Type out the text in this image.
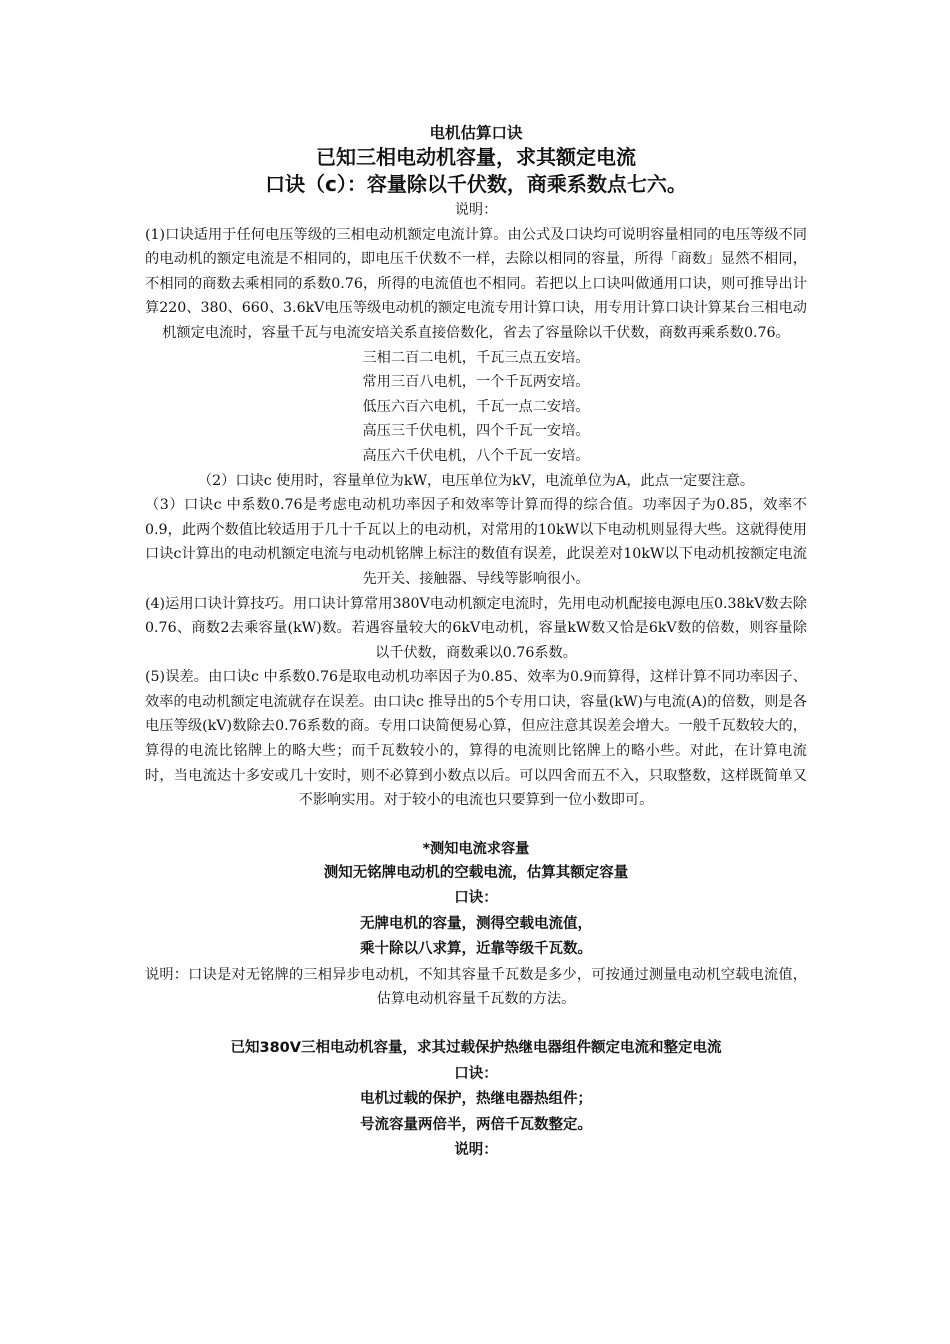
电机估算口诀
已知三相电动机容量，求其额定电流
口诀（c）：容量除以千伏数，商乘系数点七六。
说明：

(1)口诀适用于任何电压等级的三相电动机额定电流计算。由公式及口诀均可说明容量相同的电压等级不同的电动机的额定电流是不相同的，即电压千伏数不一样，去除以相同的容量，所得「商数」显然不相同，不相同的商数去乘相同的系数0.76，所得的电流值也不相同。若把以上口诀叫做通用口诀，则可推导出计算220、380、660、3.6kV电压等级电动机的额定电流专用计算口诀，用专用计算口诀计算某台三相电动机额定电流时，容量千瓦与电流安培关系直接倍数化，省去了容量除以千伏数，商数再乘系数0.76。

三相二百二电机，千瓦三点五安培。

常用三百八电机，一个千瓦两安培。

低压六百六电机，千瓦一点二安培。

高压三千伏电机，四个千瓦一安培。

高压六千伏电机，八个千瓦一安培。

（2）口诀c 使用时，容量单位为kW，电压单位为kV，电流单位为A，此点一定要注意。

（3）口诀c 中系数0.76是考虑电动机功率因子和效率等计算而得的综合值。功率因子为0.85，效率不0.9，此两个数值比较适用于几十千瓦以上的电动机，对常用的10kW以下电动机则显得大些。这就得使用口诀c计算出的电动机额定电流与电动机铭牌上标注的数值有误差，此误差对10kW以下电动机按额定电流先开关、接触器、导线等影响很小。

(4)运用口诀计算技巧。用口诀计算常用380V电动机额定电流时，先用电动机配接电源电压0.38kV数去除0.76、商数2去乘容量(kW)数。若遇容量较大的6kV电动机，容量kW数又恰是6kV数的倍数，则容量除以千伏数，商数乘以0.76系数。

(5)误差。由口诀c 中系数0.76是取电动机功率因子为0.85、效率为0.9而算得，这样计算不同功率因子、效率的电动机额定电流就存在误差。由口诀c 推导出的5个专用口诀，容量(kW)与电流(A)的倍数，则是各电压等级(kV)数除去0.76系数的商。专用口诀简便易心算，但应注意其误差会增大。一般千瓦数较大的，算得的电流比铭牌上的略大些；而千瓦数较小的，算得的电流则比铭牌上的略小些。对此，在计算电流时，当电流达十多安或几十安时，则不必算到小数点以后。可以四舍而五不入，只取整数，这样既简单又不影响实用。对于较小的电流也只要算到一位小数即可。

*测知电流求容量
测知无铭牌电动机的空载电流，估算其额定容量
口诀：
无牌电机的容量，测得空载电流值，
乘十除以八求算，近靠等级千瓦数。

说明：口诀是对无铭牌的三相异步电动机，不知其容量千瓦数是多少，可按通过测量电动机空载电流值，估算电动机容量千瓦数的方法。

已知380V三相电动机容量，求其过载保护热继电器组件额定电流和整定电流
口诀：
电机过载的保护，热继电器热组件；
号流容量两倍半，两倍千瓦数整定。
说明：
